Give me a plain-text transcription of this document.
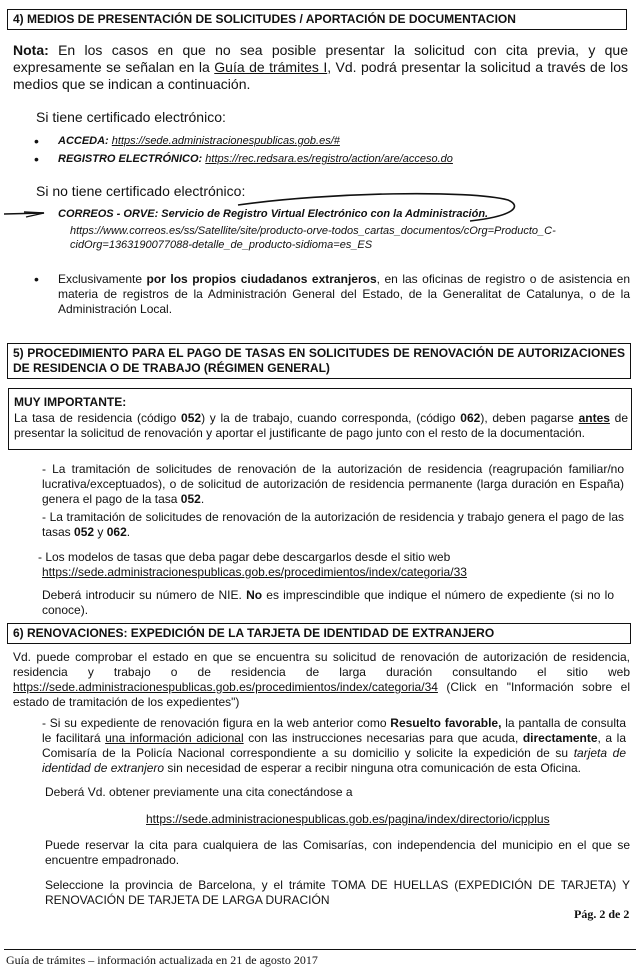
4) MEDIOS DE PRESENTACIÓN DE SOLICITUDES / APORTACIÓN DE DOCUMENTACION
Nota: En los casos en que no sea posible presentar la solicitud con cita previa, y que expresamente se señalan en la Guía de trámites I, Vd. podrá presentar la solicitud a través de los medios que se indican a continuación.
Si tiene certificado electrónico:
• ACCEDA: https://sede.administracionespublicas.gob.es/#
• REGISTRO ELECTRÓNICO: https://rec.redsara.es/registro/action/are/acceso.do
Si no tiene certificado electrónico:
CORREOS - ORVE: Servicio de Registro Virtual Electrónico con la Administración.
https://www.correos.es/ss/Satellite/site/producto-orve-todos_cartas_documentos/cOrg=Producto_C-cidOrg=1363190077088-detalle_de_producto-sidioma=es_ES
• Exclusivamente por los propios ciudadanos extranjeros, en las oficinas de registro o de asistencia en materia de registros de la Administración General del Estado, de la Generalitat de Catalunya, o de la Administración Local.
5) PROCEDIMIENTO PARA EL PAGO DE TASAS EN SOLICITUDES DE RENOVACIÓN DE AUTORIZACIONES DE RESIDENCIA O DE TRABAJO (RÉGIMEN GENERAL)
MUY IMPORTANTE:
La tasa de residencia (código 052) y la de trabajo, cuando corresponda, (código 062), deben pagarse antes de presentar la solicitud de renovación y aportar el justificante de pago junto con el resto de la documentación.
- La tramitación de solicitudes de renovación de la autorización de residencia (reagrupación familiar/no lucrativa/exceptuados), o de solicitud de autorización de residencia permanente (larga duración en España) genera el pago de la tasa 052.
- La tramitación de solicitudes de renovación de la autorización de residencia y trabajo genera el pago de las tasas 052 y 062.
- Los modelos de tasas que deba pagar debe descargarlos desde el sitio web
https://sede.administracionespublicas.gob.es/procedimientos/index/categoria/33
Deberá introducir su número de NIE. No es imprescindible que indique el número de expediente (si no lo conoce).
6) RENOVACIONES: EXPEDICIÓN DE LA TARJETA DE IDENTIDAD DE EXTRANJERO
Vd. puede comprobar el estado en que se encuentra su solicitud de renovación de autorización de residencia, residencia y trabajo o de residencia de larga duración consultando el sitio web https://sede.administracionespublicas.gob.es/procedimientos/index/categoria/34 (Click en "Información sobre el estado de tramitación de los expedientes")
- Si su expediente de renovación figura en la web anterior como Resuelto favorable, la pantalla de consulta le facilitará una información adicional con las instrucciones necesarias para que acuda, directamente, a la Comisaría de la Policía Nacional correspondiente a su domicilio y solicite la expedición de su tarjeta de identidad de extranjero sin necesidad de esperar a recibir ninguna otra comunicación de esta Oficina.
Deberá Vd. obtener previamente una cita conectándose a
https://sede.administracionespublicas.gob.es/pagina/index/directorio/icpplus
Puede reservar la cita para cualquiera de las Comisarías, con independencia del municipio en el que se encuentre empadronado.
Seleccione la provincia de Barcelona, y el trámite TOMA DE HUELLAS (EXPEDICIÓN DE TARJETA) Y RENOVACIÓN DE TARJETA DE LARGA DURACIÓN
Pág. 2 de 2
Guía de trámites – información actualizada en 21 de agosto 2017
